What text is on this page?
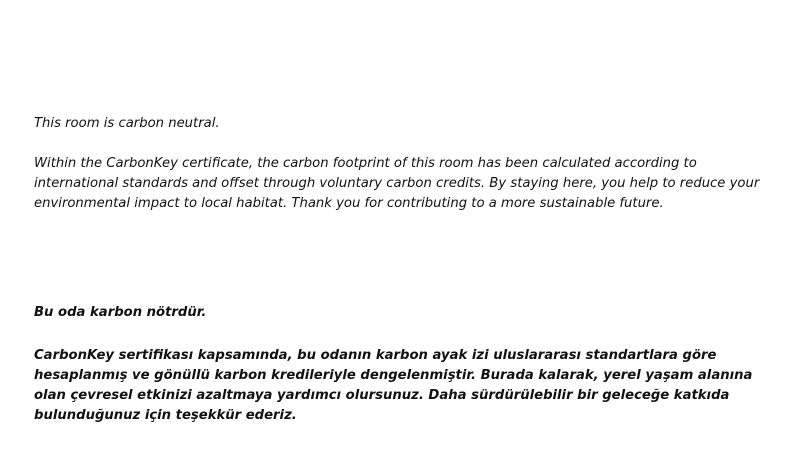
This room is carbon neutral.

Within the CarbonKey certificate, the carbon footprint of this room has been calculated according to international standards and offset through voluntary carbon credits. By staying here, you help to reduce your environmental impact to local habitat. Thank you for contributing to a more sustainable future.

Bu oda karbon nötrdür.

CarbonKey sertifikası kapsamında, bu odanın karbon ayak izi uluslararası standartlara göre hesaplanmış ve gönüllü karbon kredileriyle dengelenmiştir. Burada kalarak, yerel yaşam alanına olan çevresel etkinizi azaltmaya yardımcı olursunuz. Daha sürdürülebilir bir geleceğe katkıda bulunduğunuz için teşekkür ederiz.
